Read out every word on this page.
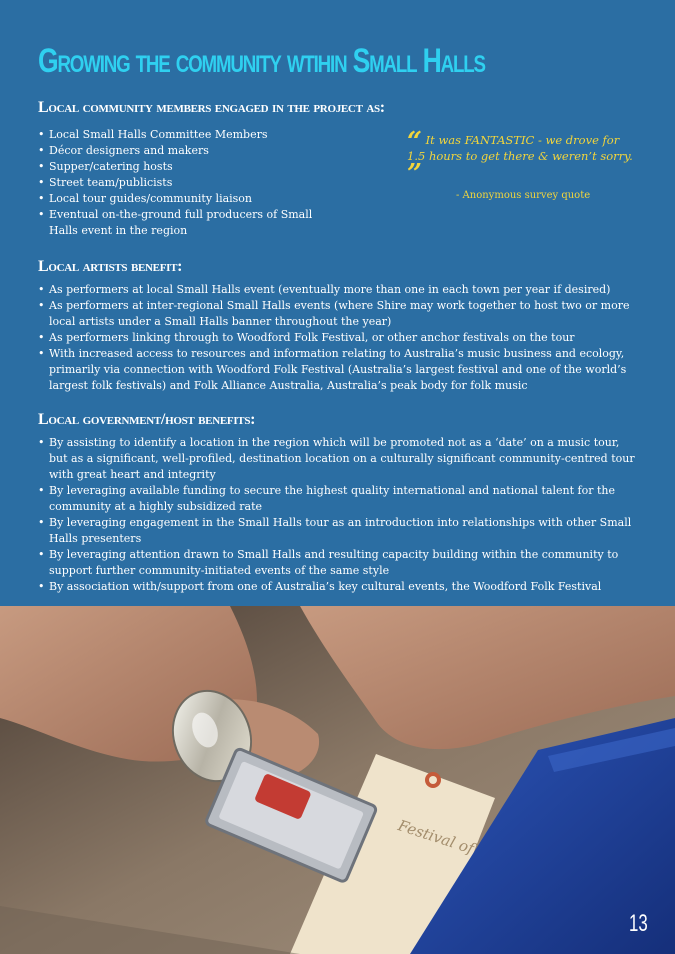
Growing the community wtihin Small Halls
Local community members engaged in the project as:
• Local Small Halls Committee Members
• Décor designers and makers
• Supper/catering hosts
• Street team/publicists
• Local tour guides/community liaison
• Eventual on-the-ground full producers of Small Halls event in the region
“ It was FANTASTIC - we drove for 1.5 hours to get there & weren’t sorry. ”
- Anonymous survey quote
Local artists benefit:
• As performers at local Small Halls event (eventually more than one in each town per year if desired)
• As performers at inter-regional Small Halls events (where Shire may work together to host two or more local artists under a Small Halls banner throughout the year)
• As performers linking through to Woodford Folk Festival, or other anchor festivals on the tour
• With increased access to resources and information relating to Australia’s music business and ecology, primarily via connection with Woodford Folk Festival (Australia’s largest festival and one of the world’s largest folk festivals) and Folk Alliance Australia, Australia’s peak body for folk music
Local government/host benefits:
• By assisting to identify a location in the region which will be promoted not as a ‘date’ on a music tour, but as a significant, well-profiled, destination location on a culturally significant community-centred tour with great heart and integrity
• By leveraging available funding to secure the highest quality international and national talent for the community at a highly subsidized rate
• By leveraging engagement in the Small Halls tour as an introduction into relationships with other Small Halls presenters
• By leveraging attention drawn to Small Halls and resulting capacity building within the community to support further community-initiated events of the same style
• By association with/support from one of Australia’s key cultural events, the Woodford Folk Festival
Festival of
13
